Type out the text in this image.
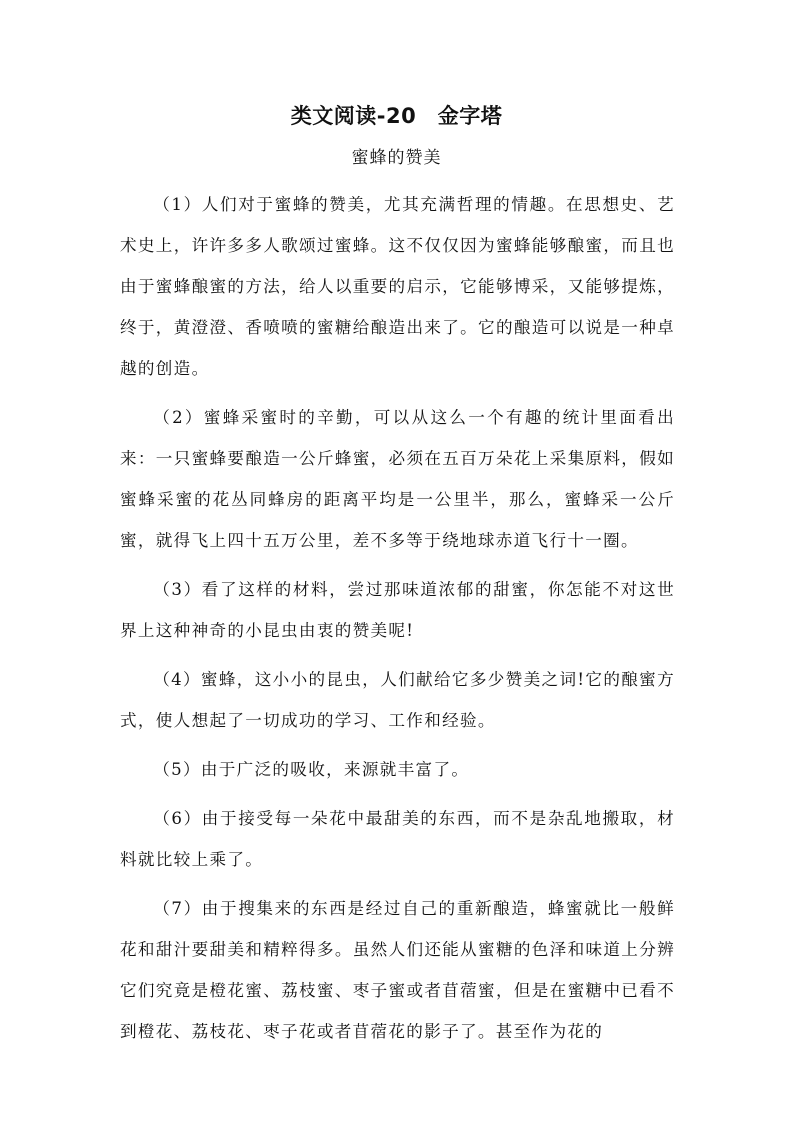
类文阅读-20　金字塔
蜜蜂的赞美

（1）人们对于蜜蜂的赞美，尤其充满哲理的情趣。在思想史、艺术史上，许许多多人歌颂过蜜蜂。这不仅仅因为蜜蜂能够酿蜜，而且也由于蜜蜂酿蜜的方法，给人以重要的启示，它能够博采，又能够提炼，终于，黄澄澄、香喷喷的蜜糖给酿造出来了。它的酿造可以说是一种卓越的创造。

（2）蜜蜂采蜜时的辛勤，可以从这么一个有趣的统计里面看出来：一只蜜蜂要酿造一公斤蜂蜜，必须在五百万朵花上采集原料，假如蜜蜂采蜜的花丛同蜂房的距离平均是一公里半，那么，蜜蜂采一公斤蜜，就得飞上四十五万公里，差不多等于绕地球赤道飞行十一圈。

（3）看了这样的材料，尝过那味道浓郁的甜蜜，你怎能不对这世界上这种神奇的小昆虫由衷的赞美呢!

（4）蜜蜂，这小小的昆虫，人们献给它多少赞美之词!它的酿蜜方式，使人想起了一切成功的学习、工作和经验。

（5）由于广泛的吸收，来源就丰富了。

（6）由于接受每一朵花中最甜美的东西，而不是杂乱地搬取，材料就比较上乘了。

（7）由于搜集来的东西是经过自己的重新酿造，蜂蜜就比一般鲜花和甜汁要甜美和精粹得多。虽然人们还能从蜜糖的色泽和味道上分辨它们究竟是橙花蜜、荔枝蜜、枣子蜜或者苜蓿蜜，但是在蜜糖中已看不到橙花、荔枝花、枣子花或者苜蓿花的影子了。甚至作为花的
